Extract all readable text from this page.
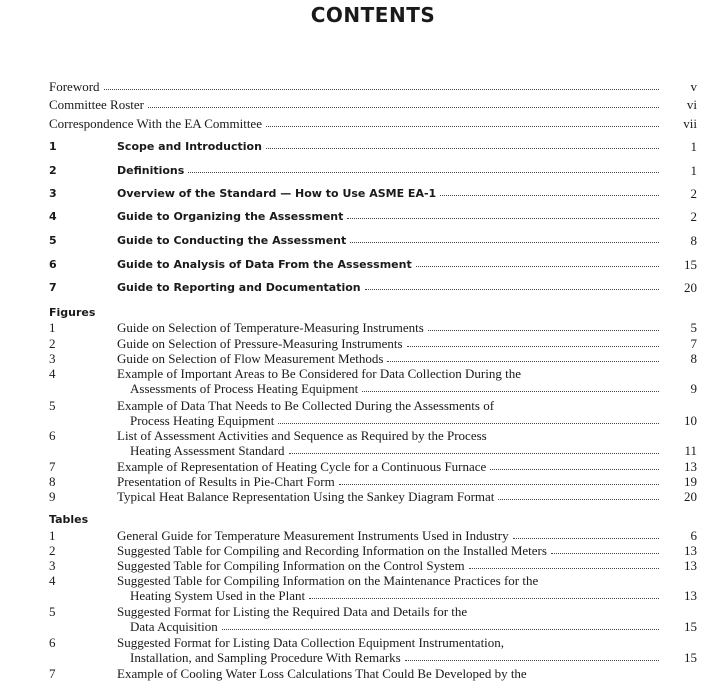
CONTENTS
Foreword	v
Committee Roster	vi
Correspondence With the EA Committee	vii
1	Scope and Introduction	1
2	Definitions	1
3	Overview of the Standard — How to Use ASME EA-1	2
4	Guide to Organizing the Assessment	2
5	Guide to Conducting the Assessment	8
6	Guide to Analysis of Data From the Assessment	15
7	Guide to Reporting and Documentation	20
Figures
1	Guide on Selection of Temperature-Measuring Instruments	5
2	Guide on Selection of Pressure-Measuring Instruments	7
3	Guide on Selection of Flow Measurement Methods	8
4	Example of Important Areas to Be Considered for Data Collection During the
Assessments of Process Heating Equipment	9
5	Example of Data That Needs to Be Collected During the Assessments of
Process Heating Equipment	10
6	List of Assessment Activities and Sequence as Required by the Process
Heating Assessment Standard	11
7	Example of Representation of Heating Cycle for a Continuous Furnace	13
8	Presentation of Results in Pie-Chart Form	19
9	Typical Heat Balance Representation Using the Sankey Diagram Format	20
Tables
1	General Guide for Temperature Measurement Instruments Used in Industry	6
2	Suggested Table for Compiling and Recording Information on the Installed Meters	13
3	Suggested Table for Compiling Information on the Control System	13
4	Suggested Table for Compiling Information on the Maintenance Practices for the
Heating System Used in the Plant	13
5	Suggested Format for Listing the Required Data and Details for the
Data Acquisition	15
6	Suggested Format for Listing Data Collection Equipment Instrumentation,
Installation, and Sampling Procedure With Remarks	15
7	Example of Cooling Water Loss Calculations That Could Be Developed by the
